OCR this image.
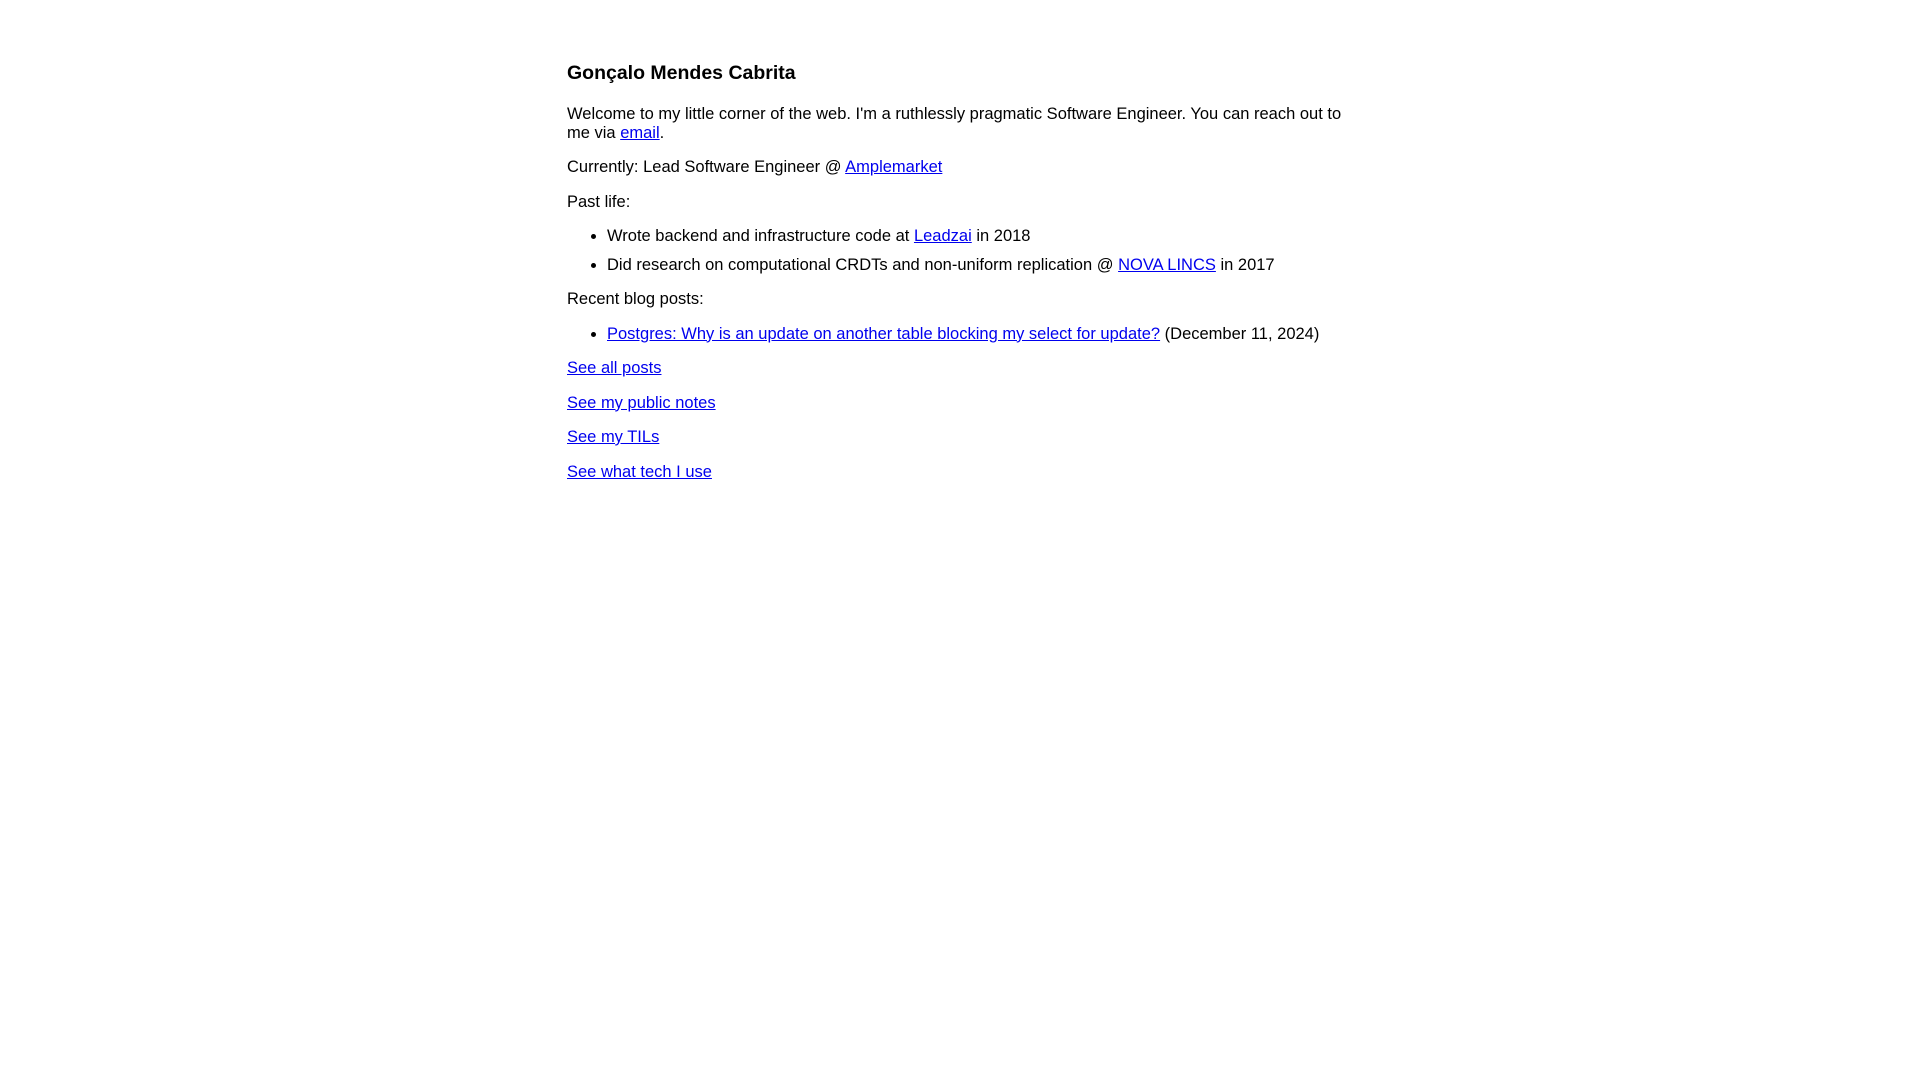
Gonçalo Mendes Cabrita

Welcome to my little corner of the web. I'm a ruthlessly pragmatic Software Engineer. You can reach out to me via email.

Currently: Lead Software Engineer @ Amplemarket

Past life:

• Wrote backend and infrastructure code at Leadzai in 2018
• Did research on computational CRDTs and non-uniform replication @ NOVA LINCS in 2017

Recent blog posts:

• Postgres: Why is an update on another table blocking my select for update? (December 11, 2024)

See all posts

See my public notes

See my TILs

See what tech I use
